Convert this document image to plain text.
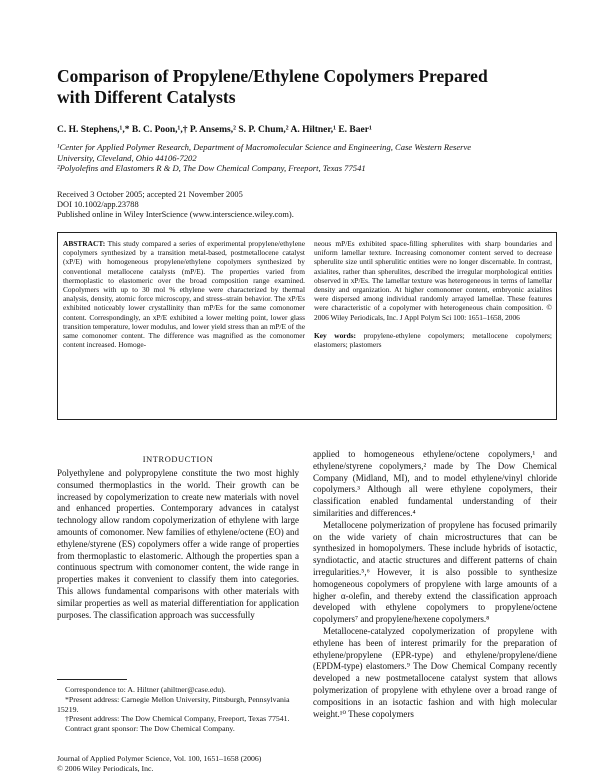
Comparison of Propylene/Ethylene Copolymers Prepared
with Different Catalysts
C. H. Stephens,¹,* B. C. Poon,¹,† P. Ansems,² S. P. Chum,² A. Hiltner,¹ E. Baer¹
¹Center for Applied Polymer Research, Department of Macromolecular Science and Engineering, Case Western Reserve
University, Cleveland, Ohio 44106-7202
²Polyolefins and Elastomers R & D, The Dow Chemical Company, Freeport, Texas 77541
Received 3 October 2005; accepted 21 November 2005
DOI 10.1002/app.23788
Published online in Wiley InterScience (www.interscience.wiley.com).
ABSTRACT: This study compared a series of experimental propylene/ethylene copolymers synthesized by a transition metal-based, postmetallocene catalyst (xP/E) with homogeneous propylene/ethylene copolymers synthesized by conventional metallocene catalysts (mP/E). The properties varied from thermoplastic to elastomeric over the broad composition range examined. Copolymers with up to 30 mol % ethylene were characterized by thermal analysis, density, atomic force microscopy, and stress–strain behavior. The xP/Es exhibited noticeably lower crystallinity than mP/Es for the same comonomer content. Correspondingly, an xP/E exhibited a lower melting point, lower glass transition temperature, lower modulus, and lower yield stress than an mP/E of the same comonomer content. The difference was magnified as the comonomer content increased. Homoge-
neous mP/Es exhibited space-filling spherulites with sharp boundaries and uniform lamellar texture. Increasing comonomer content served to decrease spherulite size until spherulitic entities were no longer discernable. In contrast, axialites, rather than spherulites, described the irregular morphological entities observed in xP/Es. The lamellar texture was heterogeneous in terms of lamellar density and organization. At higher comonomer content, embryonic axialites were dispersed among individual randomly arrayed lamellae. These features were characteristic of a copolymer with heterogeneous chain composition. © 2006 Wiley Periodicals, Inc. J Appl Polym Sci 100: 1651–1658, 2006
Key words: propylene-ethylene copolymers; metallocene copolymers; elastomers; plastomers
INTRODUCTION
Polyethylene and polypropylene constitute the two most highly consumed thermoplastics in the world. Their growth can be increased by copolymerization to create new materials with novel and enhanced properties. Contemporary advances in catalyst technology allow random copolymerization of ethylene with large amounts of comonomer. New families of ethylene/octene (EO) and ethylene/styrene (ES) copolymers offer a wide range of properties from thermoplastic to elastomeric. Although the properties span a continuous spectrum with comonomer content, the wide range in properties makes it convenient to classify them into categories. This allows fundamental comparisons with other materials with similar properties as well as material differentiation for application purposes. The classification approach was successfully
applied to homogeneous ethylene/octene copolymers,¹ and ethylene/styrene copolymers,² made by The Dow Chemical Company (Midland, MI), and to model ethylene/vinyl chloride copolymers.³ Although all were ethylene copolymers, their classification enabled fundamental understanding of their similarities and differences.⁴
Metallocene polymerization of propylene has focused primarily on the wide variety of chain microstructures that can be synthesized in homopolymers. These include hybrids of isotactic, syndiotactic, and atactic structures and different patterns of chain irregularities.⁵,⁶ However, it is also possible to synthesize homogeneous copolymers of propylene with large amounts of a higher α-olefin, and thereby extend the classification approach developed with ethylene copolymers to propylene/octene copolymers⁷ and propylene/hexene copolymers.⁸
Metallocene-catalyzed copolymerization of propylene with ethylene has been of interest primarily for the preparation of ethylene/propylene (EPR-type) and ethylene/propylene/diene (EPDM-type) elastomers.⁹ The Dow Chemical Company recently developed a new postmetallocene catalyst system that allows polymerization of propylene with ethylene over a broad range of compositions in an isotactic fashion and with high molecular weight.¹⁰ These copolymers
Correspondence to: A. Hiltner (ahiltner@case.edu).
*Present address: Carnegie Mellon University, Pittsburgh, Pennsylvania 15219.
†Present address: The Dow Chemical Company, Freeport, Texas 77541.
Contract grant sponsor: The Dow Chemical Company.
Journal of Applied Polymer Science, Vol. 100, 1651–1658 (2006)
© 2006 Wiley Periodicals, Inc.
